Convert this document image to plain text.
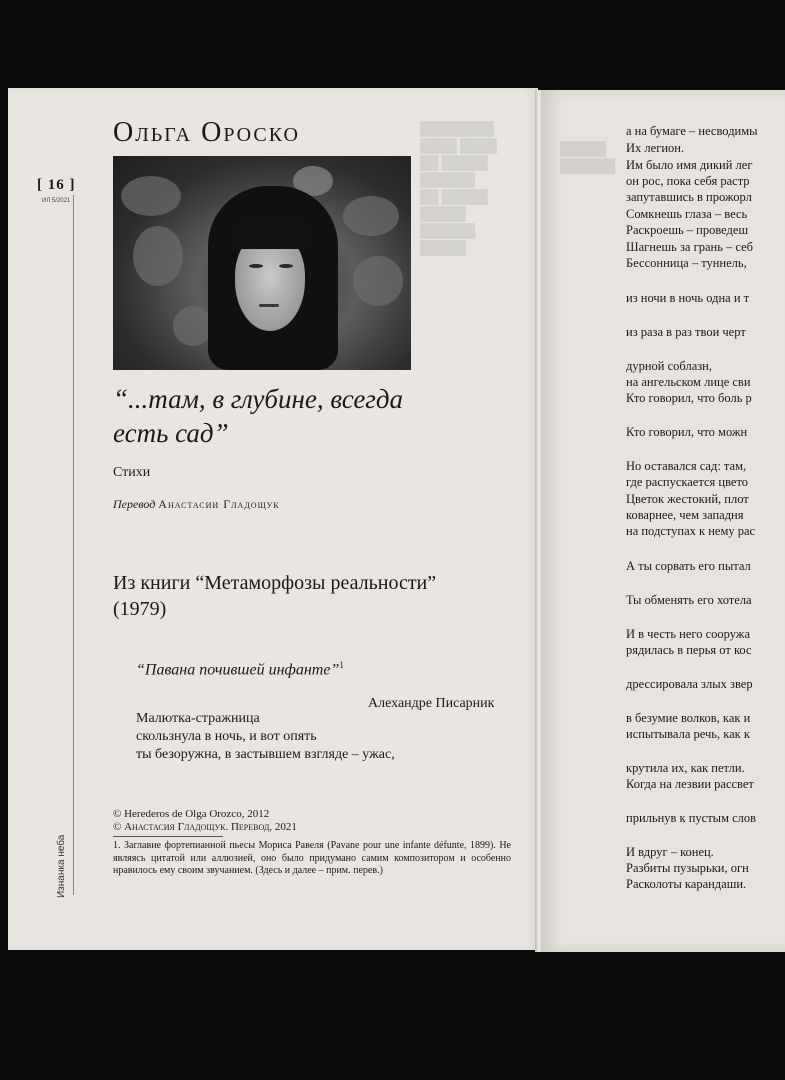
████████
████ ████
██ █████
██████
██ █████
█████
██████
█████
█████
██████
[ 16 ]
ИЛ 5/2021
Изнанка неба
Ольга Ороско
“...там, в глубине, всегда
есть сад”
Стихи
Перевод Анастасии Гладощук
Из книги “Метаморфозы реальности”
(1979)
“Павана почившей инфанте”$^1$
Алехандре Писарник
Малютка-стражница
скользнула в ночь, и вот опять
ты безоружна, в застывшем взгляде – ужас,
© Herederos de Olga Orozco, 2012
© Анастасия Гладощук. Перевод, 2021
1. Заглавие фортепианной пьесы Мориса Равеля (Pavane pour une infante défunte, 1899). Не являясь цитатой или аллюзией, оно было придумано самим композитором и особенно нравилось ему своим звучанием. (Здесь и далее – прим. перев.)
а на бумаге – несводимы
Их легион.
Им было имя дикий лег
он рос, пока себя растр
запутавшись в прожорл
Сомкнешь глаза – весь
Раскроешь – проведеш
Шагнешь за грань – себ
Бессонница – туннель,
из ночи в ночь одна и т
из раза в раз твои черт
дурной соблазн,
на ангельском лице сви
Кто говорил, что боль р
Кто говорил, что можн
Но оставался сад: там,
где распускается цвето
Цветок жестокий, плот
коварнее, чем западня
на подступах к нему рас
А ты сорвать его пытал
Ты обменять его хотела
И в честь него сооружа
рядилась в перья от кос
дрессировала злых звер
в безумие волков, как и
испытывала речь, как к
крутила их, как петли.
Когда на лезвии рассвет
прильнув к пустым слов
И вдруг – конец.
Разбиты пузырьки, огн
Расколоты карандаши.
